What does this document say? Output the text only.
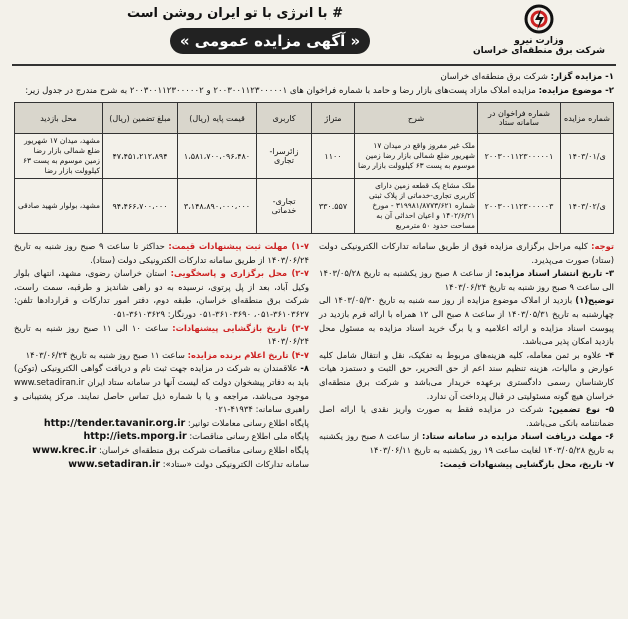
# با انرژی با تو ایران روشن است
« آگهی مزایده عمومی »	وزارت نیرو
شرکت برق منطقه‌ای خراسان
۱- مزایده گزار: شرکت برق منطقه‌ای خراسان
۲- موضوع مزایده: مزایده املاک مازاد پست‌های بازار رضا و حامد با شماره فراخوان های ۲۰۰۳۰۰۱۱۲۳۰۰۰۰۰۱ و ۲۰۰۳۰۰۱۱۲۳۰۰۰۰۰۲ به شرح مندرج در جدول زیر:
شماره مزایده	شماره فراخوان در سامانه ستاد	شرح	متراژ	کاربری	قیمت پایه (ریال)	مبلغ تضمین (ریال)	محل بازدید
ی/۱۴۰۳/۰۱	۲۰۰۳۰۰۱۱۲۳۰۰۰۰۰۱	ملک غیر مفروز واقع در میدان ۱۷ شهریور ضلع شمالی بازار رضا زمین موسوم به پست ۶۳ کیلوولت بازار رضا	۱۱۰۰	زائرسرا- تجاری	۱،۵۸۱،۷۰۰،۰۹۶،۴۸۰	۴۷،۴۵۱،۲۱۲،۸۹۴	مشهد، میدان ۱۷ شهریور ضلع شمالی بازار رضا زمین موسوم به پست ۶۳ کیلوولت بازار رضا
ی/۱۴۰۳/۰۲	۲۰۰۳۰۰۱۱۲۳۰۰۰۰۰۳	ملک مشاع یک قطعه زمین دارای کاربری تجاری-خدماتی از پلاک ثبتی شماره ۳۱۹۹۸۱/۸۷۷۳/۶۲۱ - مورخ ۱۴۰۲/۶/۲۱ و اعیان احداثی آن به مساحت حدود ۵۰ مترمربع	۳۳۰.۵۵۷	تجاری- خدماتی	۳،۱۴۸،۸۹۰،۰۰۰،۰۰۰	۹۴،۴۶۶،۷۰۰،۰۰۰	مشهد، بولوار شهید صادقی
توجه: کلیه مراحل برگزاری مزایده فوق از طریق سامانه تدارکات الکترونیکی دولت (ستاد) صورت می‌پذیرد.
۳- تاریخ انتشار اسناد مزایده: از ساعت ۸ صبح روز یکشنبه به تاریخ ۱۴۰۳/۰۵/۲۸ الی ساعت ۹ صبح روز شنبه به تاریخ ۱۴۰۳/۰۶/۲۴
توضیح(۱) بازدید از املاک موضوع مزایده از روز سه شنبه به تاریخ ۱۴۰۳/۰۵/۳۰ الی چهارشنبه به تاریخ ۱۴۰۳/۰۵/۳۱ از ساعت ۸ صبح الی ۱۲ همراه با ارائه فرم بازدید در پیوست اسناد مزایده و ارائه اعلامیه و یا برگ خرید اسناد مزایده به مسئول محل بازدید امکان پذیر می‌باشد.
۴- علاوه بر ثمن معامله، کلیه هزینه‌های مربوط به تفکیک، نقل و انتقال شامل کلیه عوارض و مالیات، هزینه تنظیم سند اعم از حق التحریر، حق الثبت و دستمزد هیات کارشناسان رسمی دادگستری برعهده خریدار می‌باشد و شرکت برق منطقه‌ای خراسان هیچ گونه مسئولیتی در قبال پرداخت آن ندارد.
۵- نوع تضمین: شرکت در مزایده فقط به صورت واریز نقدی یا ارائه اصل ضمانتنامه بانکی می‌باشد.
۶- مهلت دریافت اسناد مزایده در سامانه ستاد: از ساعت ۸ صبح روز یکشنبه به تاریخ ۱۴۰۳/۰۵/۲۸ لغایت ساعت ۱۹ روز یکشنبه به تاریخ ۱۴۰۳/۰۶/۱۱
۷- تاریخ، محل بازگشایی پیشنهادات قیمت:
۱-۷) مهلت ثبت پیشنهادات قیمت: حداکثر تا ساعت ۹ صبح روز شنبه به تاریخ ۱۴۰۳/۰۶/۲۴ از طریق سامانه تدارکات الکترونیکی دولت (ستاد).
۲-۷) محل برگزاری و پاسخگویی: استان خراسان رضوی، مشهد، انتهای بلوار وکیل آباد، بعد از پل پرتوی، نرسیده به دو راهی شاندیز و طرقبه، سمت راست، شرکت برق منطقه‌ای خراسان، طبقه دوم، دفتر امور تدارکات و قراردادها تلفن: ۳۶۱۰۳۶۲۷-۰۵۱، ۳۶۱۰۳۶۹۰-۰۵۱ دورنگار: ۳۶۱۰۳۶۲۹-۰۵۱
۳-۷) تاریخ بازگشایی پیشنهادات: ساعت ۱۰ الی ۱۱ صبح روز شنبه به تاریخ ۱۴۰۳/۰۶/۲۴
۴-۷) تاریخ اعلام برنده مزایده: ساعت ۱۱ صبح روز شنبه به تاریخ ۱۴۰۳/۰۶/۲۴
۸- علاقمندان به شرکت در مزایده جهت ثبت نام و دریافت گواهی الکترونیکی (توکن) باید به دفاتر پیشخوان دولت که لیست آنها در سامانه ستاد ایران www.setadiran.ir موجود می‌باشد، مراجعه و یا با شماره ذیل تماس حاصل نمایند. مرکز پشتیبانی و راهبری سامانه: ۴۱۹۳۴-۰۲۱
پایگاه اطلاع رسانی معاملات توانیر: http://tender.tavanir.org.ir
پایگاه ملی اطلاع رسانی مناقصات: http://iets.mporg.ir
پایگاه اطلاع رسانی مناقصات شرکت برق منطقه‌ای خراسان: www.krec.ir
سامانه تدارکات الکترونیکی دولت «ستاد»: www.setadiran.ir
